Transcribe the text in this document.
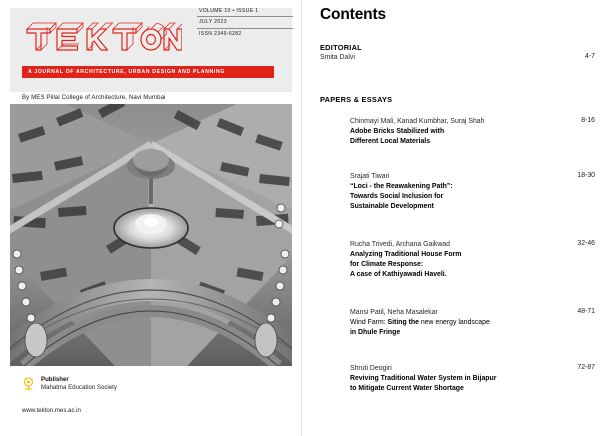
VOLUME 10 • ISSUE 1
JULY 2023
ISSN 2349-6282
A JOURNAL OF ARCHITECTURE, URBAN DESIGN AND PLANNING
By MES Pillai College of Architecture, Navi Mumbai
Publisher
Mahatma Education Society
www.tekton.mes.ac.in
Contents
EDITORIAL
Smita Dalvi	4-7
PAPERS & ESSAYS
Chinmayi Mali, Kanad Kumbhar, Suraj Shah
Adobe Bricks Stabilized with
Different Local Materials
8-16
Srajati Tiwari
“Loci - the Reawakening Path”:
Towards Social Inclusion for
Sustainable Development
18-30
Rucha Trivedi, Archana Gaikwad
Analyzing Traditional House Form
for Climate Response:
A case of Kathiyawadi Haveli.
32-46
Mansi Patil, Neha Masalekar
Wind Farm: Siting the new energy landscape
in Dhule Fringe
48-71
Shruti Deogiri
Reviving Traditional Water System in Bijapur
to Mitigate Current Water Shortage
72-87
